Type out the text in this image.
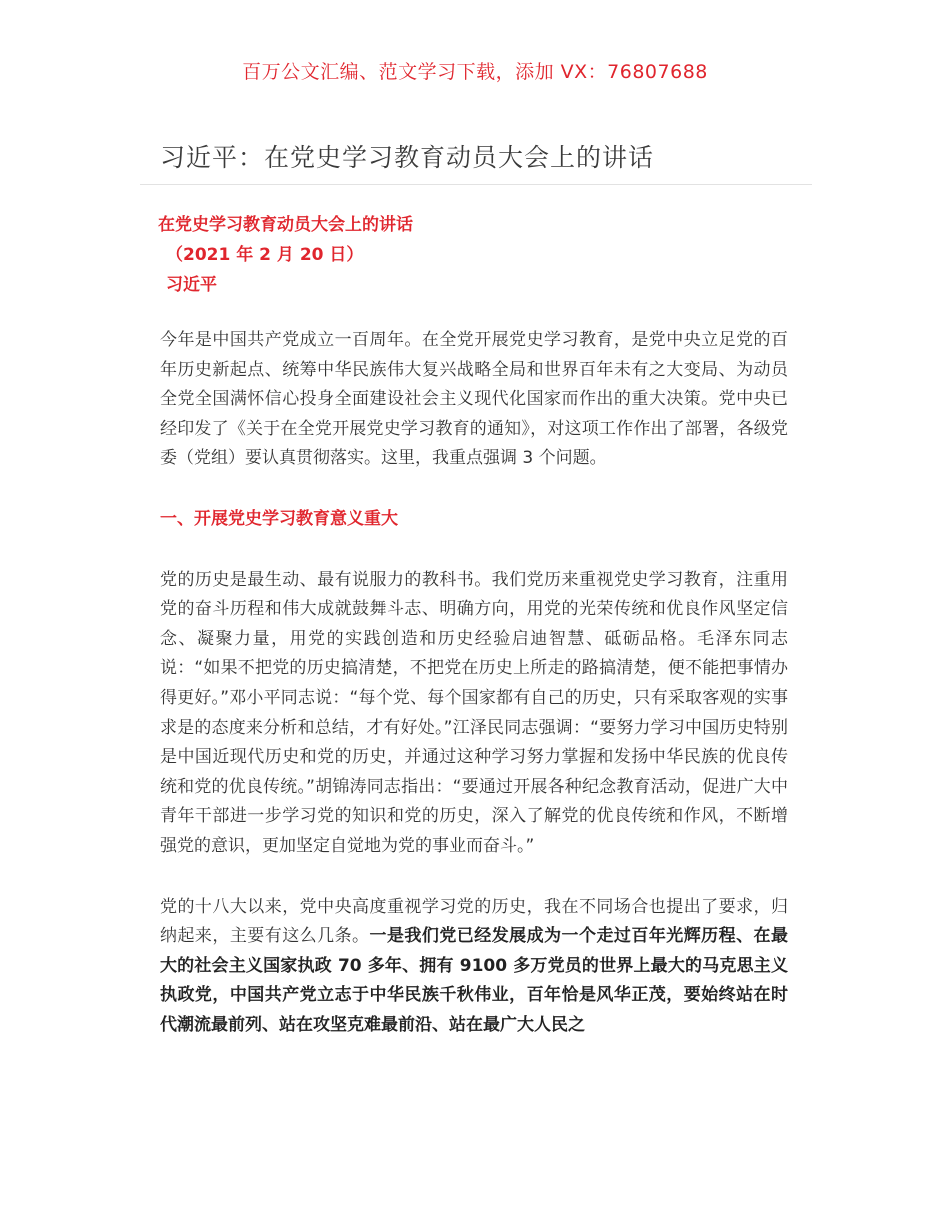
百万公文汇编、范文学习下载，添加 VX：76807688
习近平：在党史学习教育动员大会上的讲话
在党史学习教育动员大会上的讲话
（2021 年 2 月 20 日）
习近平

今年是中国共产党成立一百周年。在全党开展党史学习教育，是党中央立足党的百年历史新起点、统筹中华民族伟大复兴战略全局和世界百年未有之大变局、为动员全党全国满怀信心投身全面建设社会主义现代化国家而作出的重大决策。党中央已经印发了《关于在全党开展党史学习教育的通知》，对这项工作作出了部署，各级党委（党组）要认真贯彻落实。这里，我重点强调 3 个问题。

一、开展党史学习教育意义重大

党的历史是最生动、最有说服力的教科书。我们党历来重视党史学习教育，注重用党的奋斗历程和伟大成就鼓舞斗志、明确方向，用党的光荣传统和优良作风坚定信念、凝聚力量，用党的实践创造和历史经验启迪智慧、砥砺品格。毛泽东同志说：“如果不把党的历史搞清楚，不把党在历史上所走的路搞清楚，便不能把事情办得更好。”邓小平同志说：“每个党、每个国家都有自己的历史，只有采取客观的实事求是的态度来分析和总结，才有好处。”江泽民同志强调：“要努力学习中国历史特别是中国近现代历史和党的历史，并通过这种学习努力掌握和发扬中华民族的优良传统和党的优良传统。”胡锦涛同志指出：“要通过开展各种纪念教育活动，促进广大中青年干部进一步学习党的知识和党的历史，深入了解党的优良传统和作风，不断增强党的意识，更加坚定自觉地为党的事业而奋斗。”

党的十八大以来，党中央高度重视学习党的历史，我在不同场合也提出了要求，归纳起来，主要有这么几条。一是我们党已经发展成为一个走过百年光辉历程、在最大的社会主义国家执政 70 多年、拥有 9100 多万党员的世界上最大的马克思主义执政党，中国共产党立志于中华民族千秋伟业，百年恰是风华正茂，要始终站在时代潮流最前列、站在攻坚克难最前沿、站在最广大人民之
